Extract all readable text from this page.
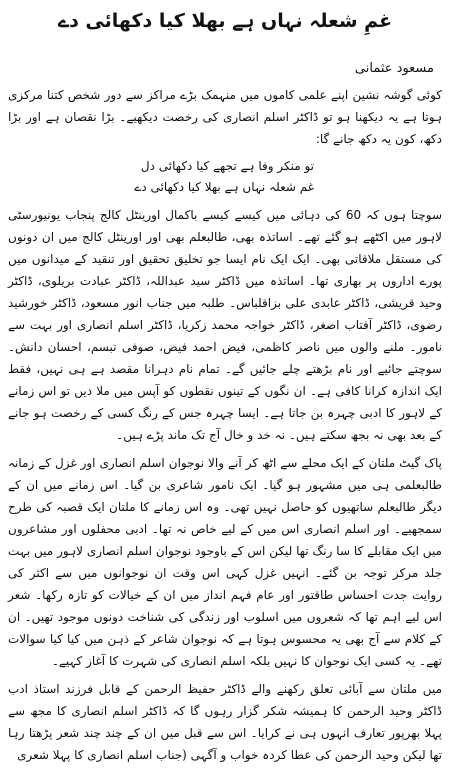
غمِ شعلہ نہاں ہے بھلا کیا دکھائی دے
مسعود عثمانی

کوئی گوشہ نشین اپنے علمی کاموں میں منہمک بڑے مراکز سے دور شخص کتنا مرکزی ہوتا ہے یہ دیکھنا ہو تو ڈاکٹر اسلم انصاری کی رخصت دیکھیے۔ بڑا نقصان ہے اور بڑا دکھ، کون یہ دکھ جانے گا:

تو منکر وفا ہے تجھے کیا دکھائی دل

غم شعلہ نہاں ہے بھلا کیا دکھائی دے

سوچتا ہوں کہ 60 کی دہائی میں کیسے کیسے باکمال اورینٹل کالج پنجاب یونیورسٹی لاہور میں اکٹھے ہو گئے تھے۔ اساتذہ بھی، طالبعلم بھی اور اورینٹل کالج میں ان دونوں کی مستقل ملاقاتی بھی۔ ایک ایک نام ایسا جو تخلیق تحقیق اور تنقید کے میدانوں میں پورے اداروں پر بھاری تھا۔ اساتذہ میں ڈاکٹر سید عبداللہ، ڈاکٹر عبادت بریلوی، ڈاکٹر وحید قریشی، ڈاکٹر عابدی علی بزاقلباس۔ طلبہ میں جناب انور مسعود، ڈاکٹر خورشید رضوی، ڈاکٹر آفتاب اصغر، ڈاکٹر خواجہ محمد زکریا، ڈاکٹر اسلم انصاری اور بہت سے نامور۔ ملنے والوں میں ناصر کاظمی، فیض احمد فیض، صوفی تبسم، احسان دانش۔ سوچتے جائیے اور نام بڑھتے چلے جائیں گے۔ تمام نام دہرانا مقصد ہے ہی نہیں، فقط ایک اندازہ کرانا کافی ہے۔ ان نگوں کے تینوں نقطوں کو آپس میں ملا دیں تو اس زمانے کے لاہور کا ادبی چہرہ بن جاتا ہے۔ ایسا چہرہ جس کے رنگ کسی کے رخصت ہو جانے کے بعد بھی نہ بجھ سکتے ہیں۔ نہ خد و خال آج تک ماند پڑے ہیں۔

پاک گیٹ ملتان کے ایک محلے سے اٹھ کر آنے والا نوجوان اسلم انصاری اور غزل کے زمانہ طالبعلمی ہی میں مشہور ہو گیا۔ ایک نامور شاعری بن گیا۔ اس زمانے میں ان کے دیگر طالبعلم ساتھیوں کو حاصل نہیں تھی۔ وہ اس زمانے کا ملتان ایک قصبہ کی طرح سمجھیے۔ اور اسلم انصاری اس میں کے لیے خاص نہ تھا۔ ادبی محفلوں اور مشاعروں میں ایک مقابلے کا سا رنگ تھا لیکن اس کے باوجود نوجوان اسلم انصاری لاہور میں بہت جلد مرکز توجہ بن گئے۔ انہیں غزل کہی اس وقت ان نوجوانوں میں سے اکثر کی روایت جدت احساس طاقتور اور عام فہم انداز میں ان کے خیالات کو تازہ رکھا۔ شعر اس لیے اہم تھا کہ شعروں میں اسلوب اور زندگی کی شناخت دونوں موجود تھیں۔ ان کے کلام سے آج بھی یہ محسوس ہوتا ہے کہ نوجوان شاعر کے ذہن میں کیا کیا سوالات تھے۔ یہ کسی ایک نوجوان کا نہیں بلکہ اسلم انصاری کی شہرت کا آغاز کہیے۔

میں ملتان سے آبائی تعلق رکھنے والے ڈاکٹر حفیظ الرحمن کے قابل فرزند استاذ ادب ڈاکٹر وحید الرحمن کا ہمیشہ شکر گزار رہوں گا کہ ڈاکٹر اسلم انصاری کا مجھ سے پہلا بھرپور تعارف انہوں ہی نے کرایا۔ اس سے قبل میں ان کے چند چند شعر پڑھتا رہا تھا لیکن وحید الرحمن کی عطا کردہ خواب و آگہی (جناب اسلم انصاری کا پہلا شعری
